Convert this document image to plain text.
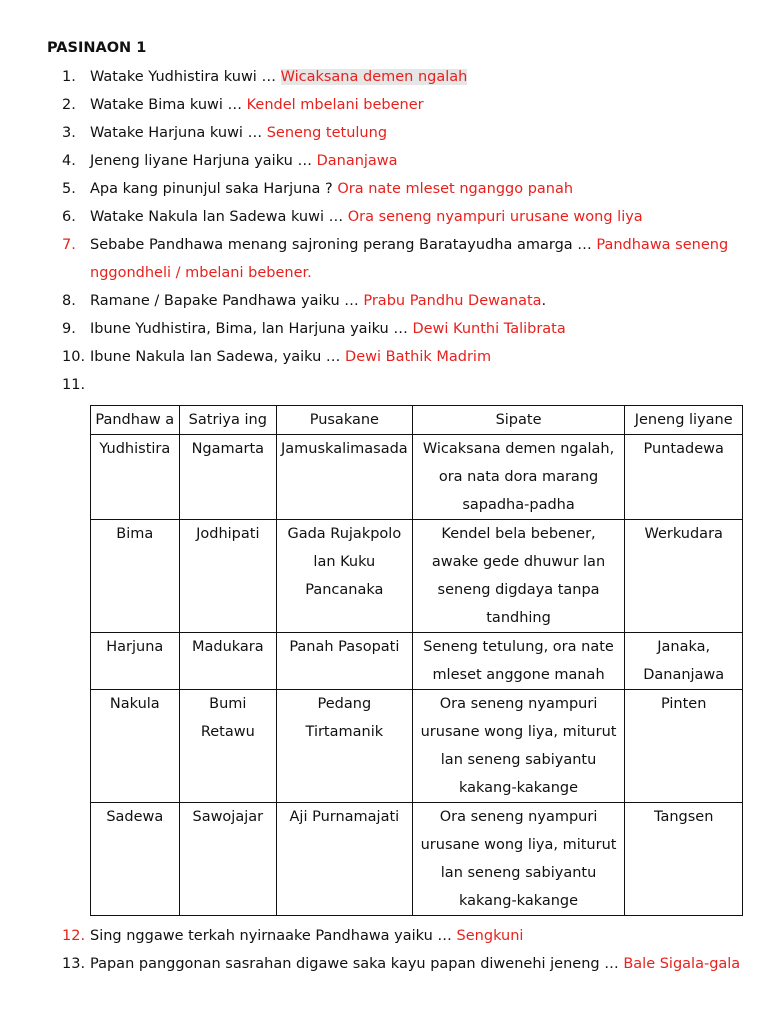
PASINAON 1
1. Watake Yudhistira kuwi … Wicaksana demen ngalah
2. Watake Bima kuwi … Kendel mbelani bebener
3. Watake Harjuna kuwi … Seneng tetulung
4. Jeneng liyane Harjuna yaiku … Dananjawa
5. Apa kang pinunjul saka Harjuna ? Ora nate mleset nganggo panah
6. Watake Nakula lan Sadewa kuwi … Ora seneng nyampuri urusane wong liya
7. Sebabe Pandhawa menang sajroning perang Baratayudha amarga … Pandhawa seneng nggondheli / mbelani bebener.
8. Ramane / Bapake Pandhawa yaiku … Prabu Pandhu Dewanata.
9. Ibune Yudhistira, Bima, lan Harjuna yaiku … Dewi Kunthi Talibrata
10. Ibune Nakula lan Sadewa, yaiku … Dewi Bathik Madrim
11.
Pandhaw a	Satriya ing	Pusakane	Sipate	Jeneng liyane
Yudhistira	Ngamarta	Jamuskalimasada	Wicaksana demen ngalah, ora nata dora marang sapadha-padha	Puntadewa
Bima	Jodhipati	Gada Rujakpolo lan Kuku Pancanaka	Kendel bela bebener, awake gede dhuwur lan seneng digdaya tanpa tandhing	Werkudara
Harjuna	Madukara	Panah Pasopati	Seneng tetulung, ora nate mleset anggone manah	Janaka, Dananjawa
Nakula	Bumi Retawu	Pedang Tirtamanik	Ora seneng nyampuri urusane wong liya, miturut lan seneng sabiyantu kakang-kakange	Pinten
Sadewa	Sawojajar	Aji Purnamajati	Ora seneng nyampuri urusane wong liya, miturut lan seneng sabiyantu kakang-kakange	Tangsen
12. Sing nggawe terkah nyirnaake Pandhawa yaiku … Sengkuni
13. Papan panggonan sasrahan digawe saka kayu papan diwenehi jeneng … Bale Sigala-gala
